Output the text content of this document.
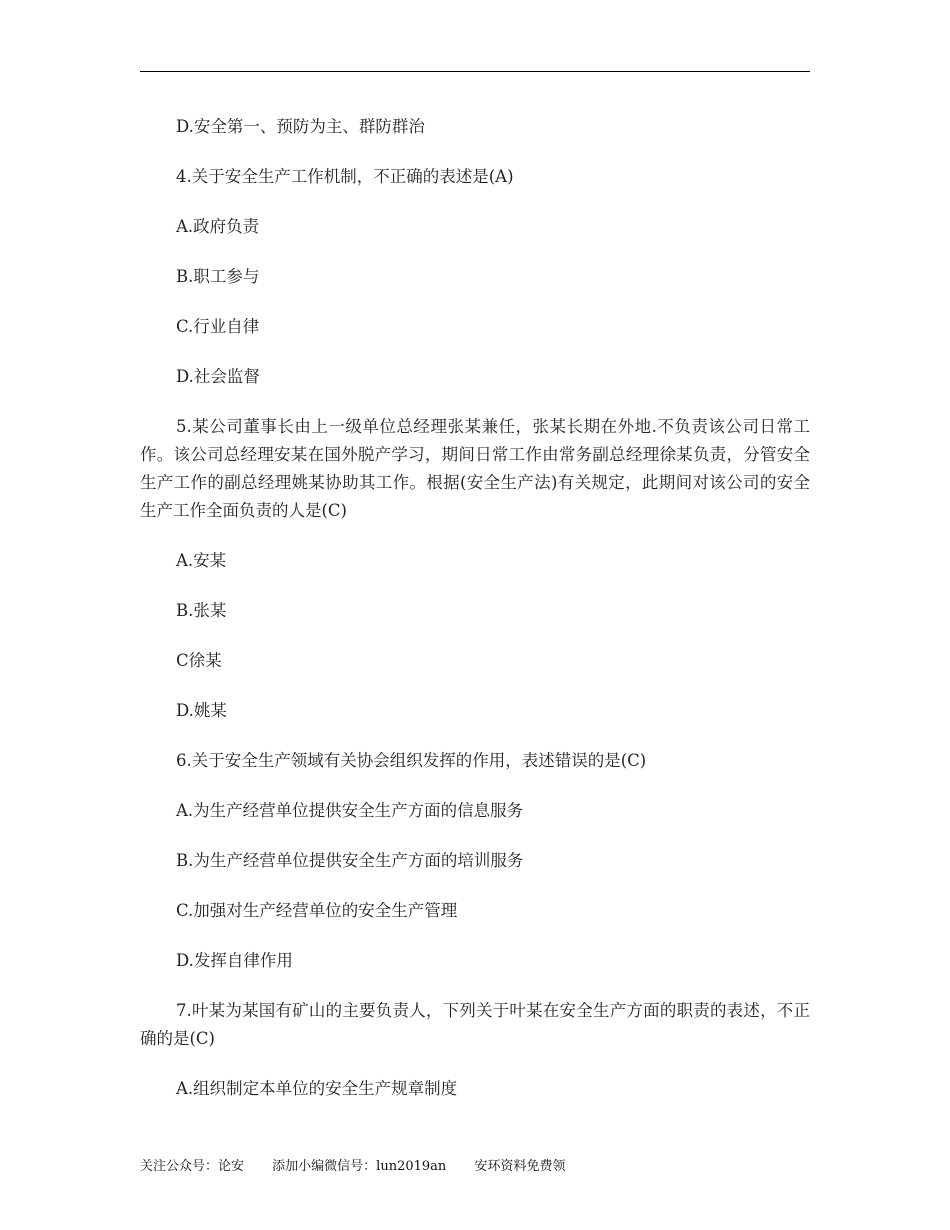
D.安全第一、预防为主、群防群治

4.关于安全生产工作机制，不正确的表述是(A)

A.政府负责

B.职工参与

C.行业自律

D.社会监督

5.某公司董事长由上一级单位总经理张某兼任，张某长期在外地.不负责该公司日常工作。该公司总经理安某在国外脱产学习，期间日常工作由常务副总经理徐某负责，分管安全生产工作的副总经理姚某协助其工作。根据(安全生产法)有关规定，此期间对该公司的安全生产工作全面负责的人是(C)

A.安某

B.张某

C徐某

D.姚某

6.关于安全生产领域有关协会组织发挥的作用，表述错误的是(C)

A.为生产经营单位提供安全生产方面的信息服务

B.为生产经营单位提供安全生产方面的培训服务

C.加强对生产经营单位的安全生产管理

D.发挥自律作用

7.叶某为某国有矿山的主要负责人，下列关于叶某在安全生产方面的职责的表述，不正确的是(C)

A.组织制定本单位的安全生产规章制度

关注公众号：论安 添加小编微信号：lun2019an 安环资料免费领
